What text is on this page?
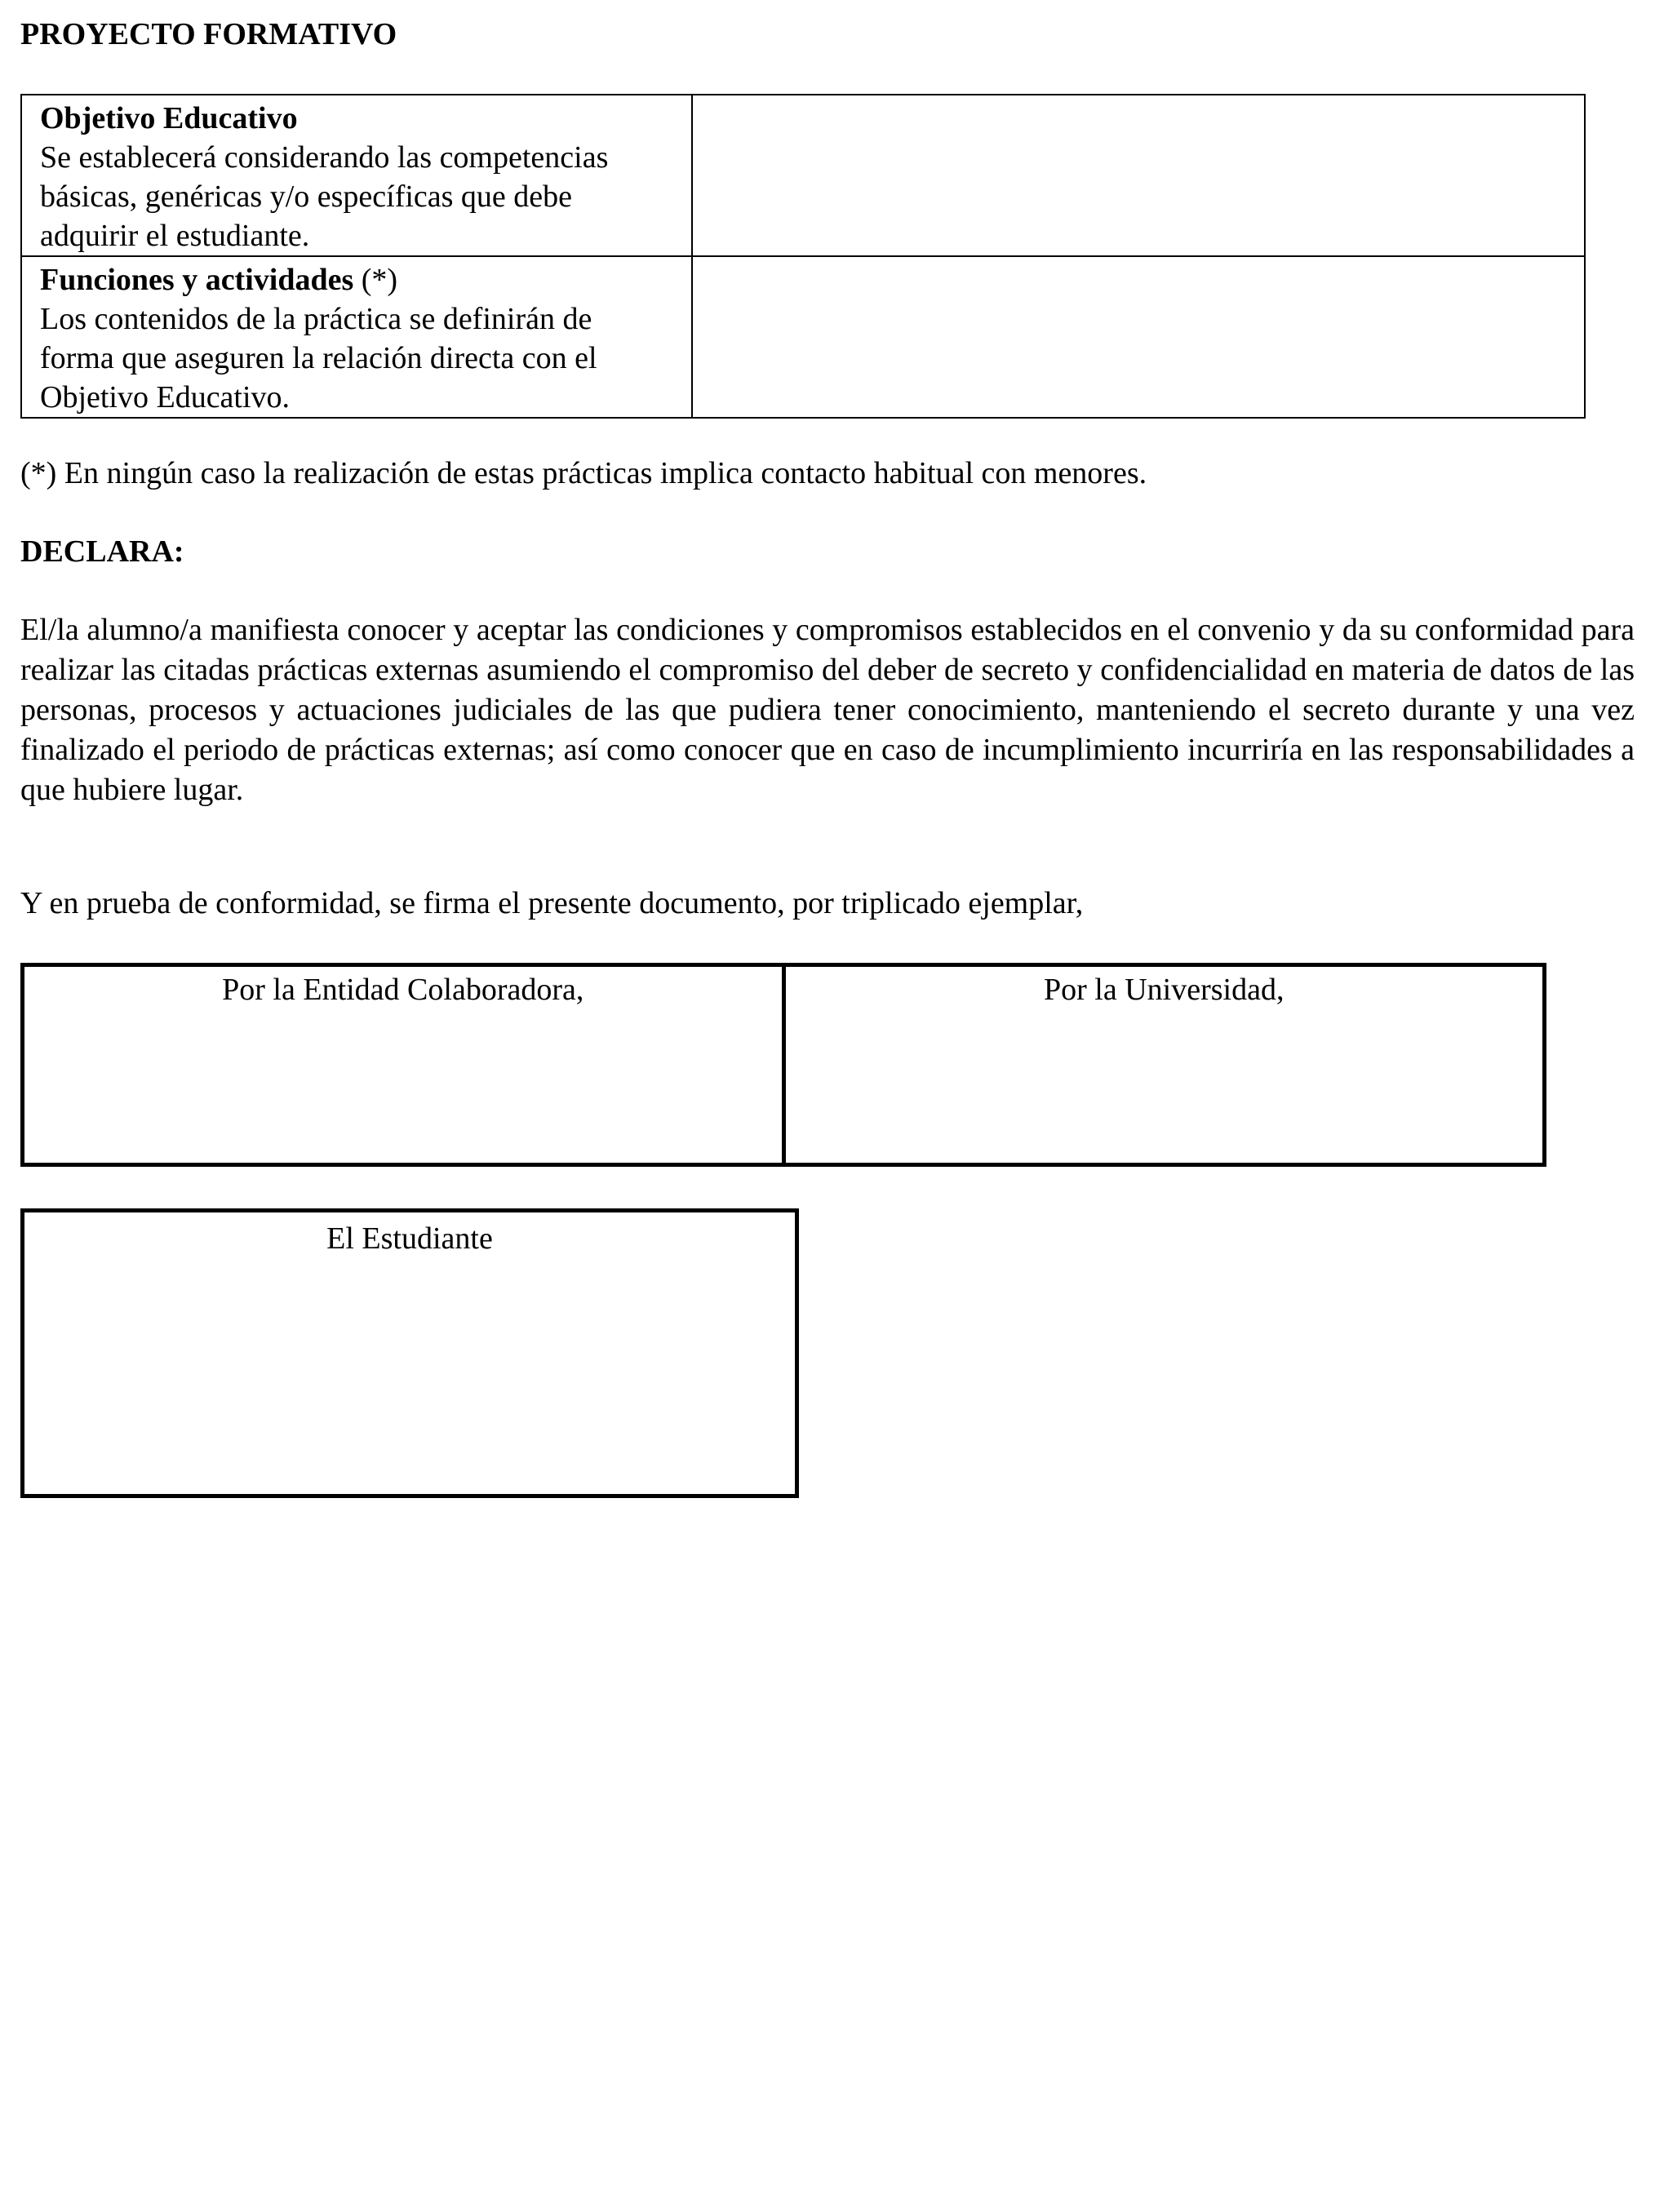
PROYECTO FORMATIVO
Objetivo Educativo
Se establecerá considerando las competencias básicas, genéricas y/o específicas que debe adquirir el estudiante.	
Funciones y actividades (*)
Los contenidos de la práctica se definirán de forma que aseguren la relación directa con el Objetivo Educativo.	
(*) En ningún caso la realización de estas prácticas implica contacto habitual con menores.
DECLARA:
El/la alumno/a manifiesta conocer y aceptar las condiciones y compromisos establecidos en el convenio y da su conformidad para realizar las citadas prácticas externas asumiendo el compromiso del deber de secreto y confidencialidad en materia de datos de las personas, procesos y actuaciones judiciales de las que pudiera tener conocimiento, manteniendo el secreto durante y una vez finalizado el periodo de prácticas externas; así como conocer que en caso de incumplimiento incurriría en las responsabilidades a que hubiere lugar.
Y en prueba de conformidad, se firma el presente documento, por triplicado ejemplar,
Por la Entidad Colaboradora,	Por la Universidad,
El Estudiante
